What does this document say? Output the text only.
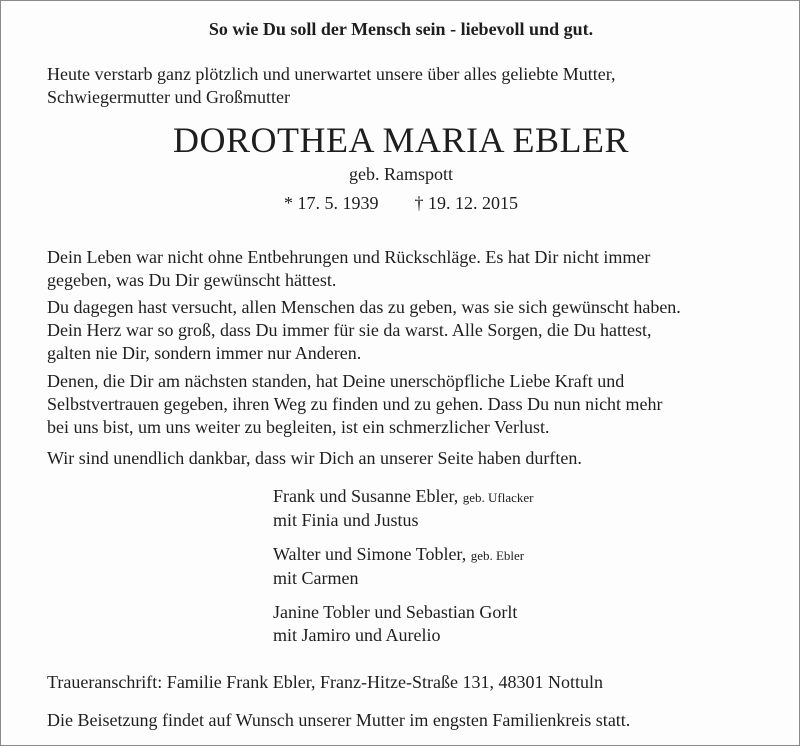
So wie Du soll der Mensch sein - liebevoll und gut.
Heute verstarb ganz plötzlich und unerwartet unsere über alles geliebte Mutter,
Schwiegermutter und Großmutter
DOROTHEA MARIA EBLER
geb. Ramspott
* 17. 5. 1939 † 19. 12. 2015
Dein Leben war nicht ohne Entbehrungen und Rückschläge. Es hat Dir nicht immer
gegeben, was Du Dir gewünscht hättest.
Du dagegen hast versucht, allen Menschen das zu geben, was sie sich gewünscht haben.
Dein Herz war so groß, dass Du immer für sie da warst. Alle Sorgen, die Du hattest,
galten nie Dir, sondern immer nur Anderen.
Denen, die Dir am nächsten standen, hat Deine unerschöpfliche Liebe Kraft und
Selbstvertrauen gegeben, ihren Weg zu finden und zu gehen. Dass Du nun nicht mehr
bei uns bist, um uns weiter zu begleiten, ist ein schmerzlicher Verlust.
Wir sind unendlich dankbar, dass wir Dich an unserer Seite haben durften.
Frank und Susanne Ebler, geb. Uflacker
mit Finia und Justus
Walter und Simone Tobler, geb. Ebler
mit Carmen
Janine Tobler und Sebastian Gorlt
mit Jamiro und Aurelio
Traueranschrift: Familie Frank Ebler, Franz-Hitze-Straße 131, 48301 Nottuln
Die Beisetzung findet auf Wunsch unserer Mutter im engsten Familienkreis statt.
